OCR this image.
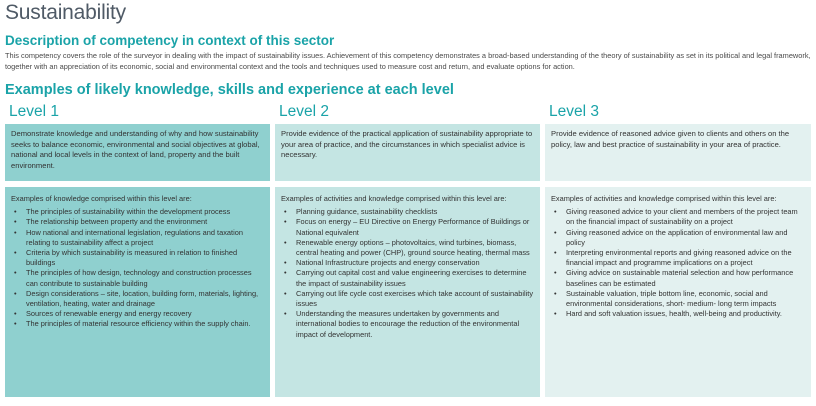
Sustainability
Description of competency in context of this sector
This competency covers the role of the surveyor in dealing with the impact of sustainability issues. Achievement of this competency demonstrates a broad-based understanding of the theory of sustainability as set in its political and legal framework, together with an appreciation of its economic, social and environmental context and the tools and techniques used to measure cost and return, and evaluate options for action.
Examples of likely knowledge, skills and experience at each level
Level 1
Demonstrate knowledge and understanding of why and how sustainability seeks to balance economic, environmental and social objectives at global, national and local levels in the context of land, property and the built environment.
Examples of knowledge comprised within this level are:
• The principles of sustainability within the development process
• The relationship between property and the environment
• How national and international legislation, regulations and taxation relating to sustainability affect a project
• Criteria by which sustainability is measured in relation to finished buildings
• The principles of how design, technology and construction processes can contribute to sustainable building
• Design considerations – site, location, building form, materials, lighting, ventilation, heating, water and drainage
• Sources of renewable energy and energy recovery
• The principles of material resource efficiency within the supply chain.
Level 2
Provide evidence of the practical application of sustainability appropriate to your area of practice, and the circumstances in which specialist advice is necessary.
Examples of activities and knowledge comprised within this level are:
• Planning guidance, sustainability checklists
• Focus on energy – EU Directive on Energy Performance of Buildings or National equivalent
• Renewable energy options – photovoltaics, wind turbines, biomass, central heating and power (CHP), ground source heating, thermal mass
• National Infrastructure projects and energy conservation
• Carrying out capital cost and value engineering exercises to determine the impact of sustainability issues
• Carrying out life cycle cost exercises which take account of sustainability issues
• Understanding the measures undertaken by governments and international bodies to encourage the reduction of the environmental impact of development.
Level 3
Provide evidence of reasoned advice given to clients and others on the policy, law and best practice of sustainability in your area of practice.
Examples of activities and knowledge comprised within this level are:
• Giving reasoned advice to your client and members of the project team on the financial impact of sustainability on a project
• Giving reasoned advice on the application of environmental law and policy
• Interpreting environmental reports and giving reasoned advice on the financial impact and programme implications on a project
• Giving advice on sustainable material selection and how performance baselines can be estimated
• Sustainable valuation, triple bottom line, economic, social and environmental considerations, short- medium- long term impacts
• Hard and soft valuation issues, health, well-being and productivity.
